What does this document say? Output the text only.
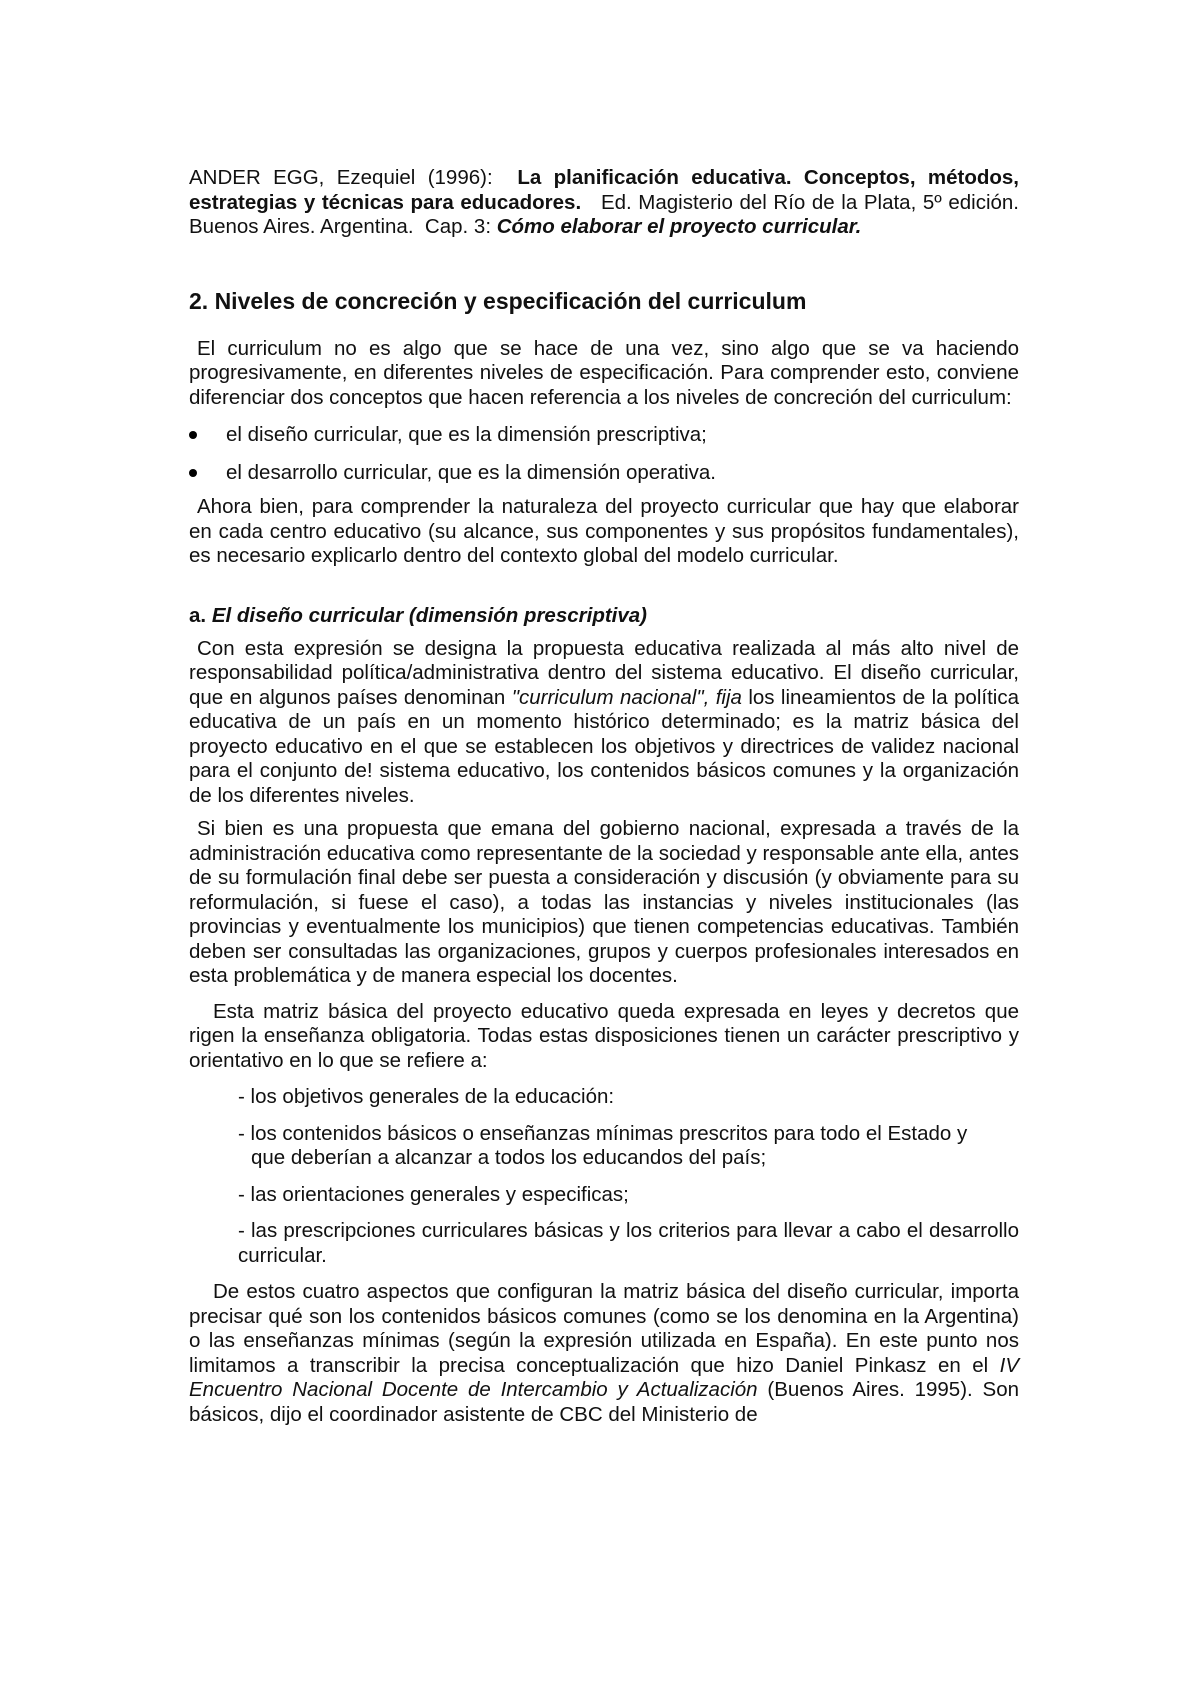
ANDER EGG, Ezequiel (1996): La planificación educativa. Conceptos, métodos, estrategias y técnicas para educadores. Ed. Magisterio del Río de la Plata, 5º edición. Buenos Aires. Argentina. Cap. 3: Cómo elaborar el proyecto curricular.

2. Niveles de concreción y especificación del curriculum

El curriculum no es algo que se hace de una vez, sino algo que se va haciendo progresivamente, en diferentes niveles de especificación. Para comprender esto, conviene diferenciar dos conceptos que hacen referencia a los niveles de concreción del curriculum:

el diseño curricular, que es la dimensión prescriptiva;
el desarrollo curricular, que es la dimensión operativa.

Ahora bien, para comprender la naturaleza del proyecto curricular que hay que elaborar en cada centro educativo (su alcance, sus componentes y sus propósitos fundamentales), es necesario explicarlo dentro del contexto global del modelo curricular.

a. El diseño curricular (dimensión prescriptiva)

Con esta expresión se designa la propuesta educativa realizada al más alto nivel de responsabilidad política/administrativa dentro del sistema educativo. El diseño curricular, que en algunos países denominan "curriculum nacional", fija los lineamientos de la política educativa de un país en un momento histórico determinado; es la matriz básica del proyecto educativo en el que se establecen los objetivos y directrices de validez nacional para el conjunto de! sistema educativo, los contenidos básicos comunes y la organización de los diferentes niveles.

Si bien es una propuesta que emana del gobierno nacional, expresada a través de la administración educativa como representante de la sociedad y responsable ante ella, antes de su formulación final debe ser puesta a consideración y discusión (y obviamente para su reformulación, si fuese el caso), a todas las instancias y niveles institucionales (las provincias y eventualmente los municipios) que tienen competencias educativas. También deben ser consultadas las organizaciones, grupos y cuerpos profesionales interesados en esta problemática y de manera especial los docentes.

Esta matriz básica del proyecto educativo queda expresada en leyes y decretos que rigen la enseñanza obligatoria. Todas estas disposiciones tienen un carácter prescriptivo y orientativo en lo que se refiere a:

- los objetivos generales de la educación:
- los contenidos básicos o enseñanzas mínimas prescritos para todo el Estado y
que deberían a alcanzar a todos los educandos del país;
- las orientaciones generales y especificas;
- las prescripciones curriculares básicas y los criterios para llevar a cabo el desarrollo curricular.

De estos cuatro aspectos que configuran la matriz básica del diseño curricular, importa precisar qué son los contenidos básicos comunes (como se los denomina en la Argentina) o las enseñanzas mínimas (según la expresión utilizada en España). En este punto nos limitamos a transcribir la precisa conceptualización que hizo Daniel Pinkasz en el IV Encuentro Nacional Docente de Intercambio y Actualización (Buenos Aires. 1995). Son básicos, dijo el coordinador asistente de CBC del Ministerio de
